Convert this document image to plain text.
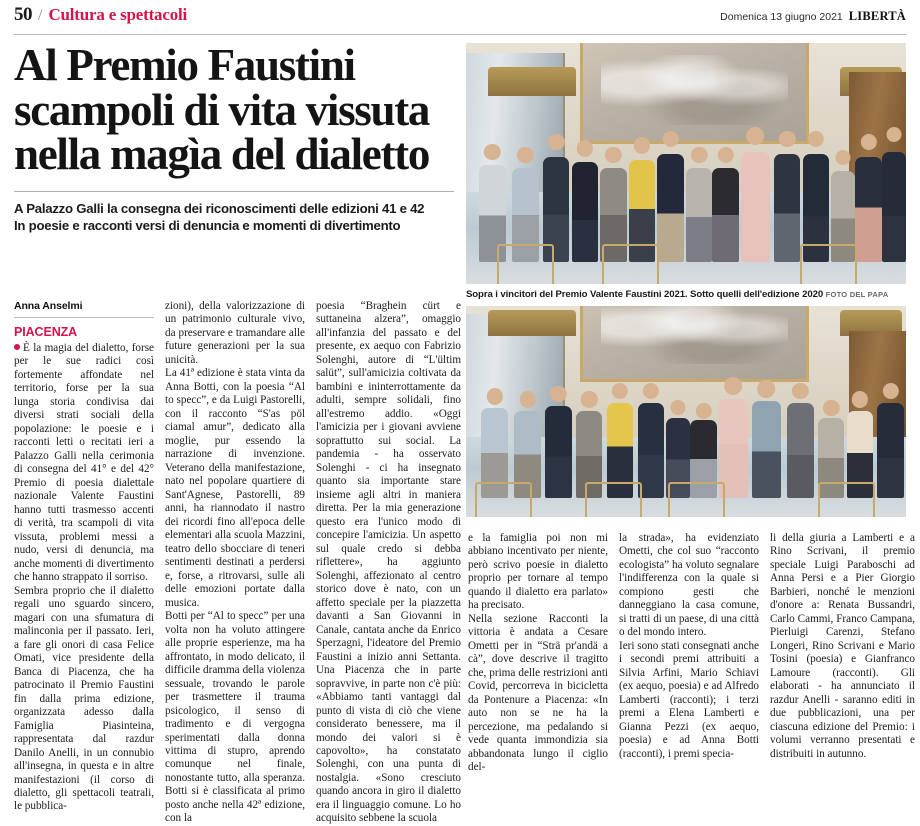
50 / Cultura e spettacoli	Domenica 13 giugno 2021 LIBERTÀ
Al Premio Faustini
scampoli di vita vissuta
nella magìa del dialetto
A Palazzo Galli la consegna dei riconoscimenti delle edizioni 41 e 42
In poesie e racconti versi di denuncia e momenti di divertimento
Sopra i vincitori del Premio Valente Faustini 2021. Sotto quelli dell'edizione 2020 FOTO DEL PAPA
Anna Anselmi
PIACENZA

È la magia del dialetto, forse per le sue radici così fortemente affondate nel territorio, forse per la sua lunga storia condivisa dai diversi strati sociali della popolazione: le poesie e i racconti letti o recitati ieri a Palazzo Galli nella cerimonia di consegna del 41° e del 42° Premio di poesia dialettale nazionale Valente Faustini hanno tutti trasmesso accenti di verità, tra scampoli di vita vissuta, problemi messi a nudo, versi di denuncia, ma anche momenti di divertimento che hanno strappato il sorriso.

Sembra proprio che il dialetto regali uno sguardo sincero, magari con una sfumatura di malinconia per il passato. Ieri, a fare gli onori di casa Felice Omati, vice presidente della Banca di Piacenza, che ha patrocinato il Premio Faustini fin dalla prima edizione, organizzata adesso dalla Famiglia Piasinteina, rappresentata dal razdur Danilo Anelli, in un connubio all'insegna, in questa e in altre manifestazioni (il corso di dialetto, gli spettacoli teatrali, le pubblica-

zioni), della valorizzazione di un patrimonio culturale vivo, da preservare e tramandare alle future generazioni per la sua unicità.

La 41ª edizione è stata vinta da Anna Botti, con la poesia “Al to specc”, e da Luigi Pastorelli, con il racconto “S'as pöl ciamal amur”, dedicato alla moglie, pur essendo la narrazione di invenzione. Veterano della manifestazione, nato nel popolare quartiere di Sant'Agnese, Pastorelli, 89 anni, ha riannodato il nastro dei ricordi fino all'epoca delle elementari alla scuola Mazzini, teatro dello sbocciare di teneri sentimenti destinati a perdersi e, forse, a ritrovarsi, sulle ali delle emozioni portate dalla musica.

Botti per “Al to specc” per una volta non ha voluto attingere alle proprie esperienze, ma ha affrontato, in modo delicato, il difficile dramma della violenza sessuale, trovando le parole per trasmettere il trauma psicologico, il senso di tradimento e di vergogna sperimentati dalla donna vittima di stupro, aprendo comunque nel finale, nonostante tutto, alla speranza. Botti si è classificata al primo posto anche nella 42ª edizione, con la

poesia “Braghein cürt e suttaneina alzera”, omaggio all'infanzia del passato e del presente, ex aequo con Fabrizio Solenghi, autore di “L'ültim salüt”, sull'amicizia coltivata da bambini e ininterrottamente da adulti, sempre solidali, fino all'estremo addio. «Oggi l'amicizia per i giovani avviene soprattutto sui social. La pandemia - ha osservato Solenghi - ci ha insegnato quanto sia importante stare insieme agli altri in maniera diretta. Per la mia generazione questo era l'unico modo di concepire l'amicizia. Un aspetto sul quale credo si debba riflettere», ha aggiunto Solenghi, affezionato al centro storico dove è nato, con un affetto speciale per la piazzetta davanti a San Giovanni in Canale, cantata anche da Enrico Sperzagni, l'ideatore del Premio Faustini a inizio anni Settanta. Una Piacenza che in parte sopravvive, in parte non c'è più: «Abbiamo tanti vantaggi dal punto di vista di ciò che viene considerato benessere, ma il mondo dei valori si è capovolto», ha constatato Solenghi, con una punta di nostalgia. «Sono cresciuto quando ancora in giro il dialetto era il linguaggio comune. Lo ho acquisito sebbene la scuola

e la famiglia poi non mi abbiano incentivato per niente, però scrivo poesie in dialetto proprio per tornare al tempo quando il dialetto era parlato» ha precisato.

Nella sezione Racconti la vittoria è andata a Cesare Ometti per in “Strä pr'andä a cà”, dove descrive il tragitto che, prima delle restrizioni anti Covid, percorreva in bicicletta da Pontenure a Piacenza: «In auto non se ne ha la percezione, ma pedalando si vede quanta immondizia sia abbandonata lungo il ciglio del-

la strada», ha evidenziato Ometti, che col suo “racconto ecologista” ha voluto segnalare l'indifferenza con la quale si compiono gesti che danneggiano la casa comune, si tratti di un paese, di una città o del mondo intero.

Ieri sono stati consegnati anche i secondi premi attribuiti a Silvia Arfini, Mario Schiavi (ex aequo, poesia) e ad Alfredo Lamberti (racconti); i terzi premi a Elena Lamberti e Gianna Pezzi (ex aequo, poesia) e ad Anna Botti (racconti), i premi specia-

li della giuria a Lamberti e a Rino Scrivani, il premio speciale Luigi Paraboschi ad Anna Persi e a Pier Giorgio Barbieri, nonché le menzioni d'onore a: Renata Bussandri, Carlo Cammi, Franco Campana, Pierluigi Carenzi, Stefano Longeri, Rino Scrivani e Mario Tosini (poesia) e Gianfranco Lamoure (racconti). Gli elaborati - ha annunciato il razdur Anelli - saranno editi in due pubblicazioni, una per ciascuna edizione del Premio: i volumi verranno presentati e distribuiti in autunno.
